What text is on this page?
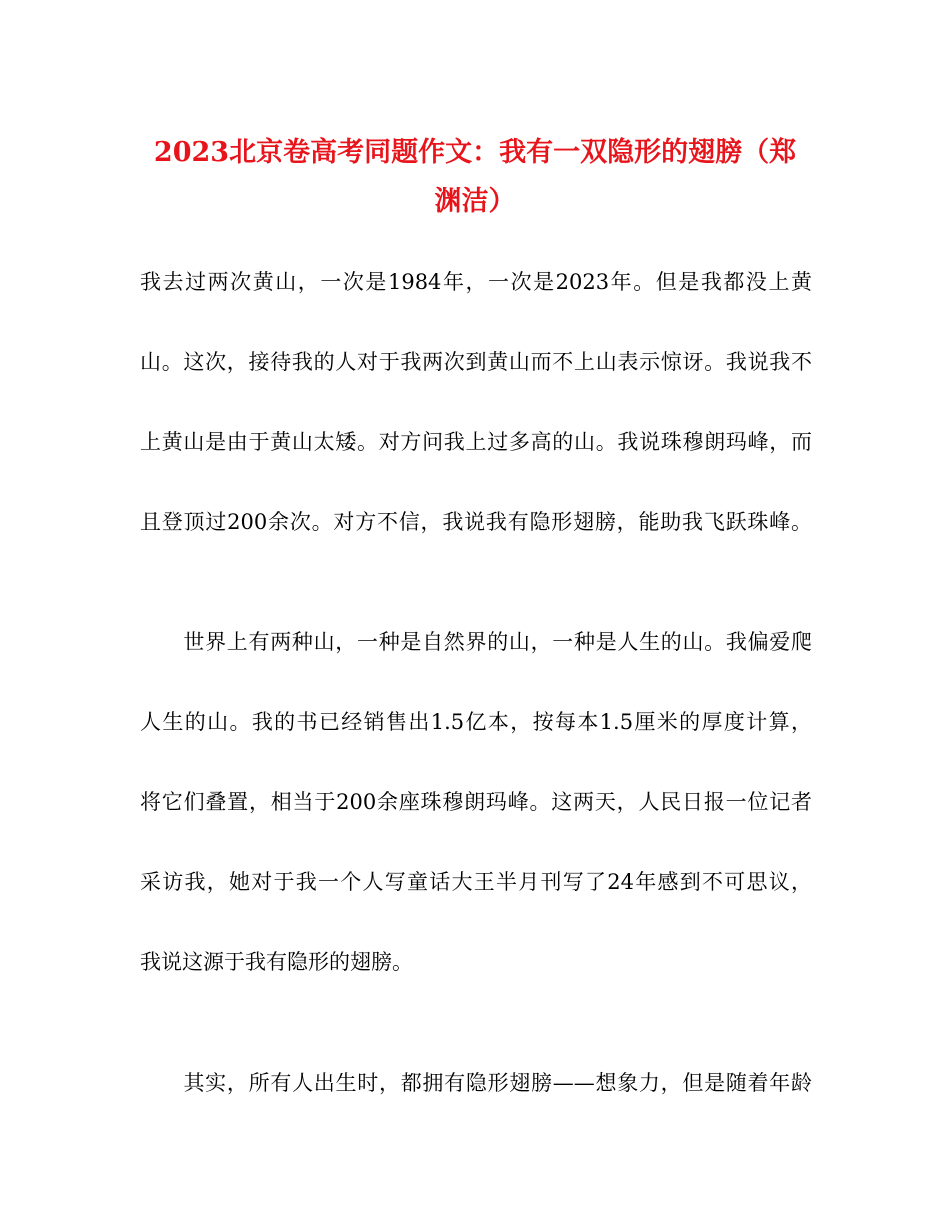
2023北京卷高考同题作文：我有一双隐形的翅膀（郑
渊洁）
我去过两次黄山，一次是1984年，一次是2023年。但是我都没上黄
山。这次，接待我的人对于我两次到黄山而不上山表示惊讶。我说我不
上黄山是由于黄山太矮。对方问我上过多高的山。我说珠穆朗玛峰，而
且登顶过200余次。对方不信，我说我有隐形翅膀，能助我飞跃珠峰。
　　世界上有两种山，一种是自然界的山，一种是人生的山。我偏爱爬
人生的山。我的书已经销售出1.5亿本，按每本1.5厘米的厚度计算，
将它们叠置，相当于200余座珠穆朗玛峰。这两天，人民日报一位记者
采访我，她对于我一个人写童话大王半月刊写了24年感到不可思议，
我说这源于我有隐形的翅膀。
　　其实，所有人出生时，都拥有隐形翅膀——想象力，但是随着年龄
